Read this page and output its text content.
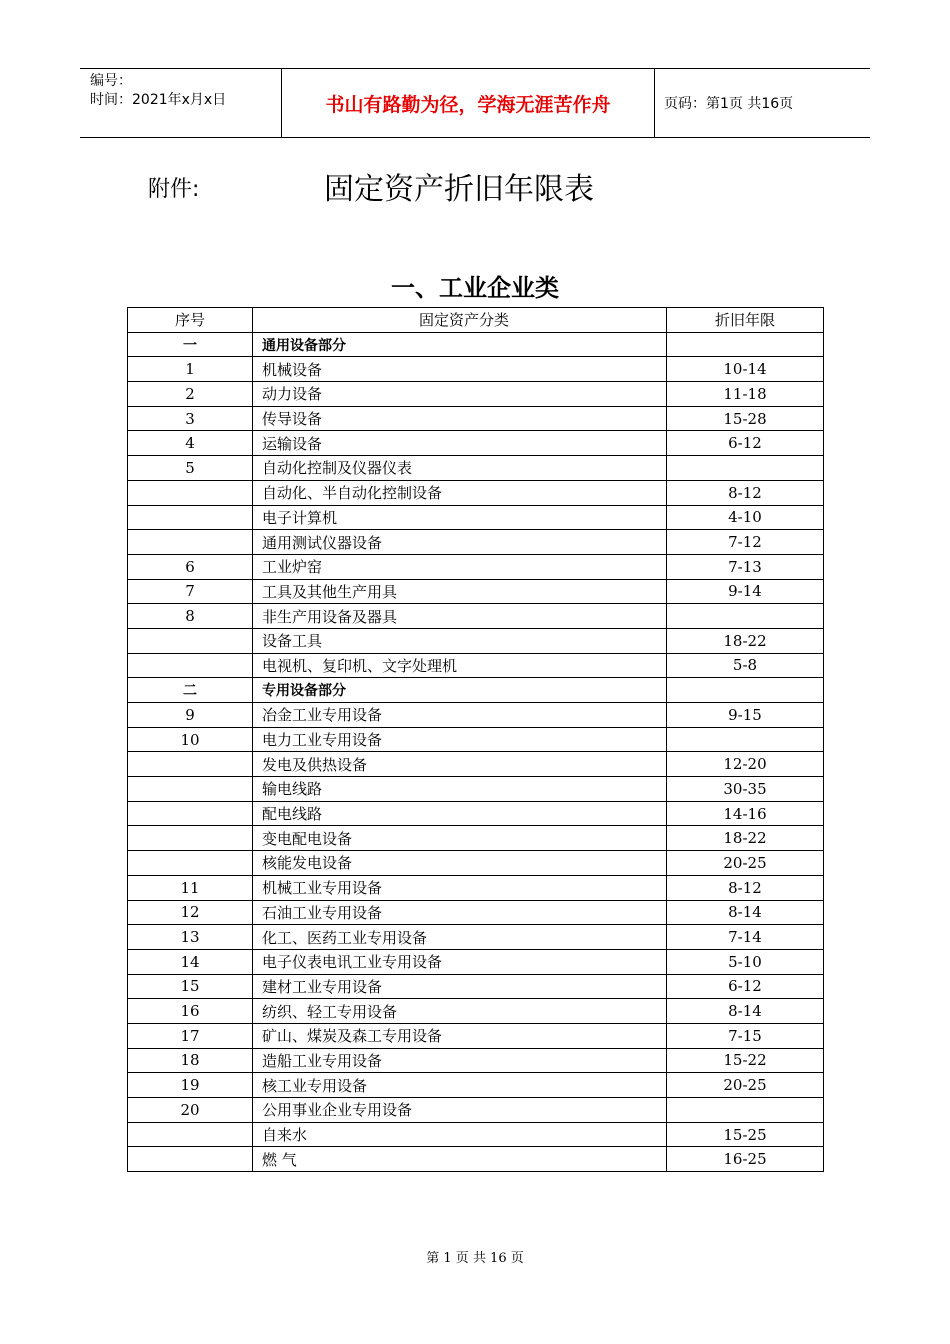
编号：
时间：2021年x月x日	书山有路勤为径，学海无涯苦作舟	页码：第1页 共16页
附件:	固定资产折旧年限表
一、工业企业类
序号	固定资产分类	折旧年限
一	通用设备部分	
1	机械设备	10-14
2	动力设备	11-18
3	传导设备	15-28
4	运输设备	6-12
5	自动化控制及仪器仪表	
	自动化、半自动化控制设备	8-12
	电子计算机	4-10
	通用测试仪器设备	7-12
6	工业炉窑	7-13
7	工具及其他生产用具	9-14
8	非生产用设备及器具	
	设备工具	18-22
	电视机、复印机、文字处理机	5-8
二	专用设备部分	
9	冶金工业专用设备	9-15
10	电力工业专用设备	
	发电及供热设备	12-20
	输电线路	30-35
	配电线路	14-16
	变电配电设备	18-22
	核能发电设备	20-25
11	机械工业专用设备	8-12
12	石油工业专用设备	8-14
13	化工、医药工业专用设备	7-14
14	电子仪表电讯工业专用设备	5-10
15	建材工业专用设备	6-12
16	纺织、轻工专用设备	8-14
17	矿山、煤炭及森工专用设备	7-15
18	造船工业专用设备	15-22
19	核工业专用设备	20-25
20	公用事业企业专用设备	
	自来水	15-25
	燃 气	16-25
第 1 页 共 16 页
